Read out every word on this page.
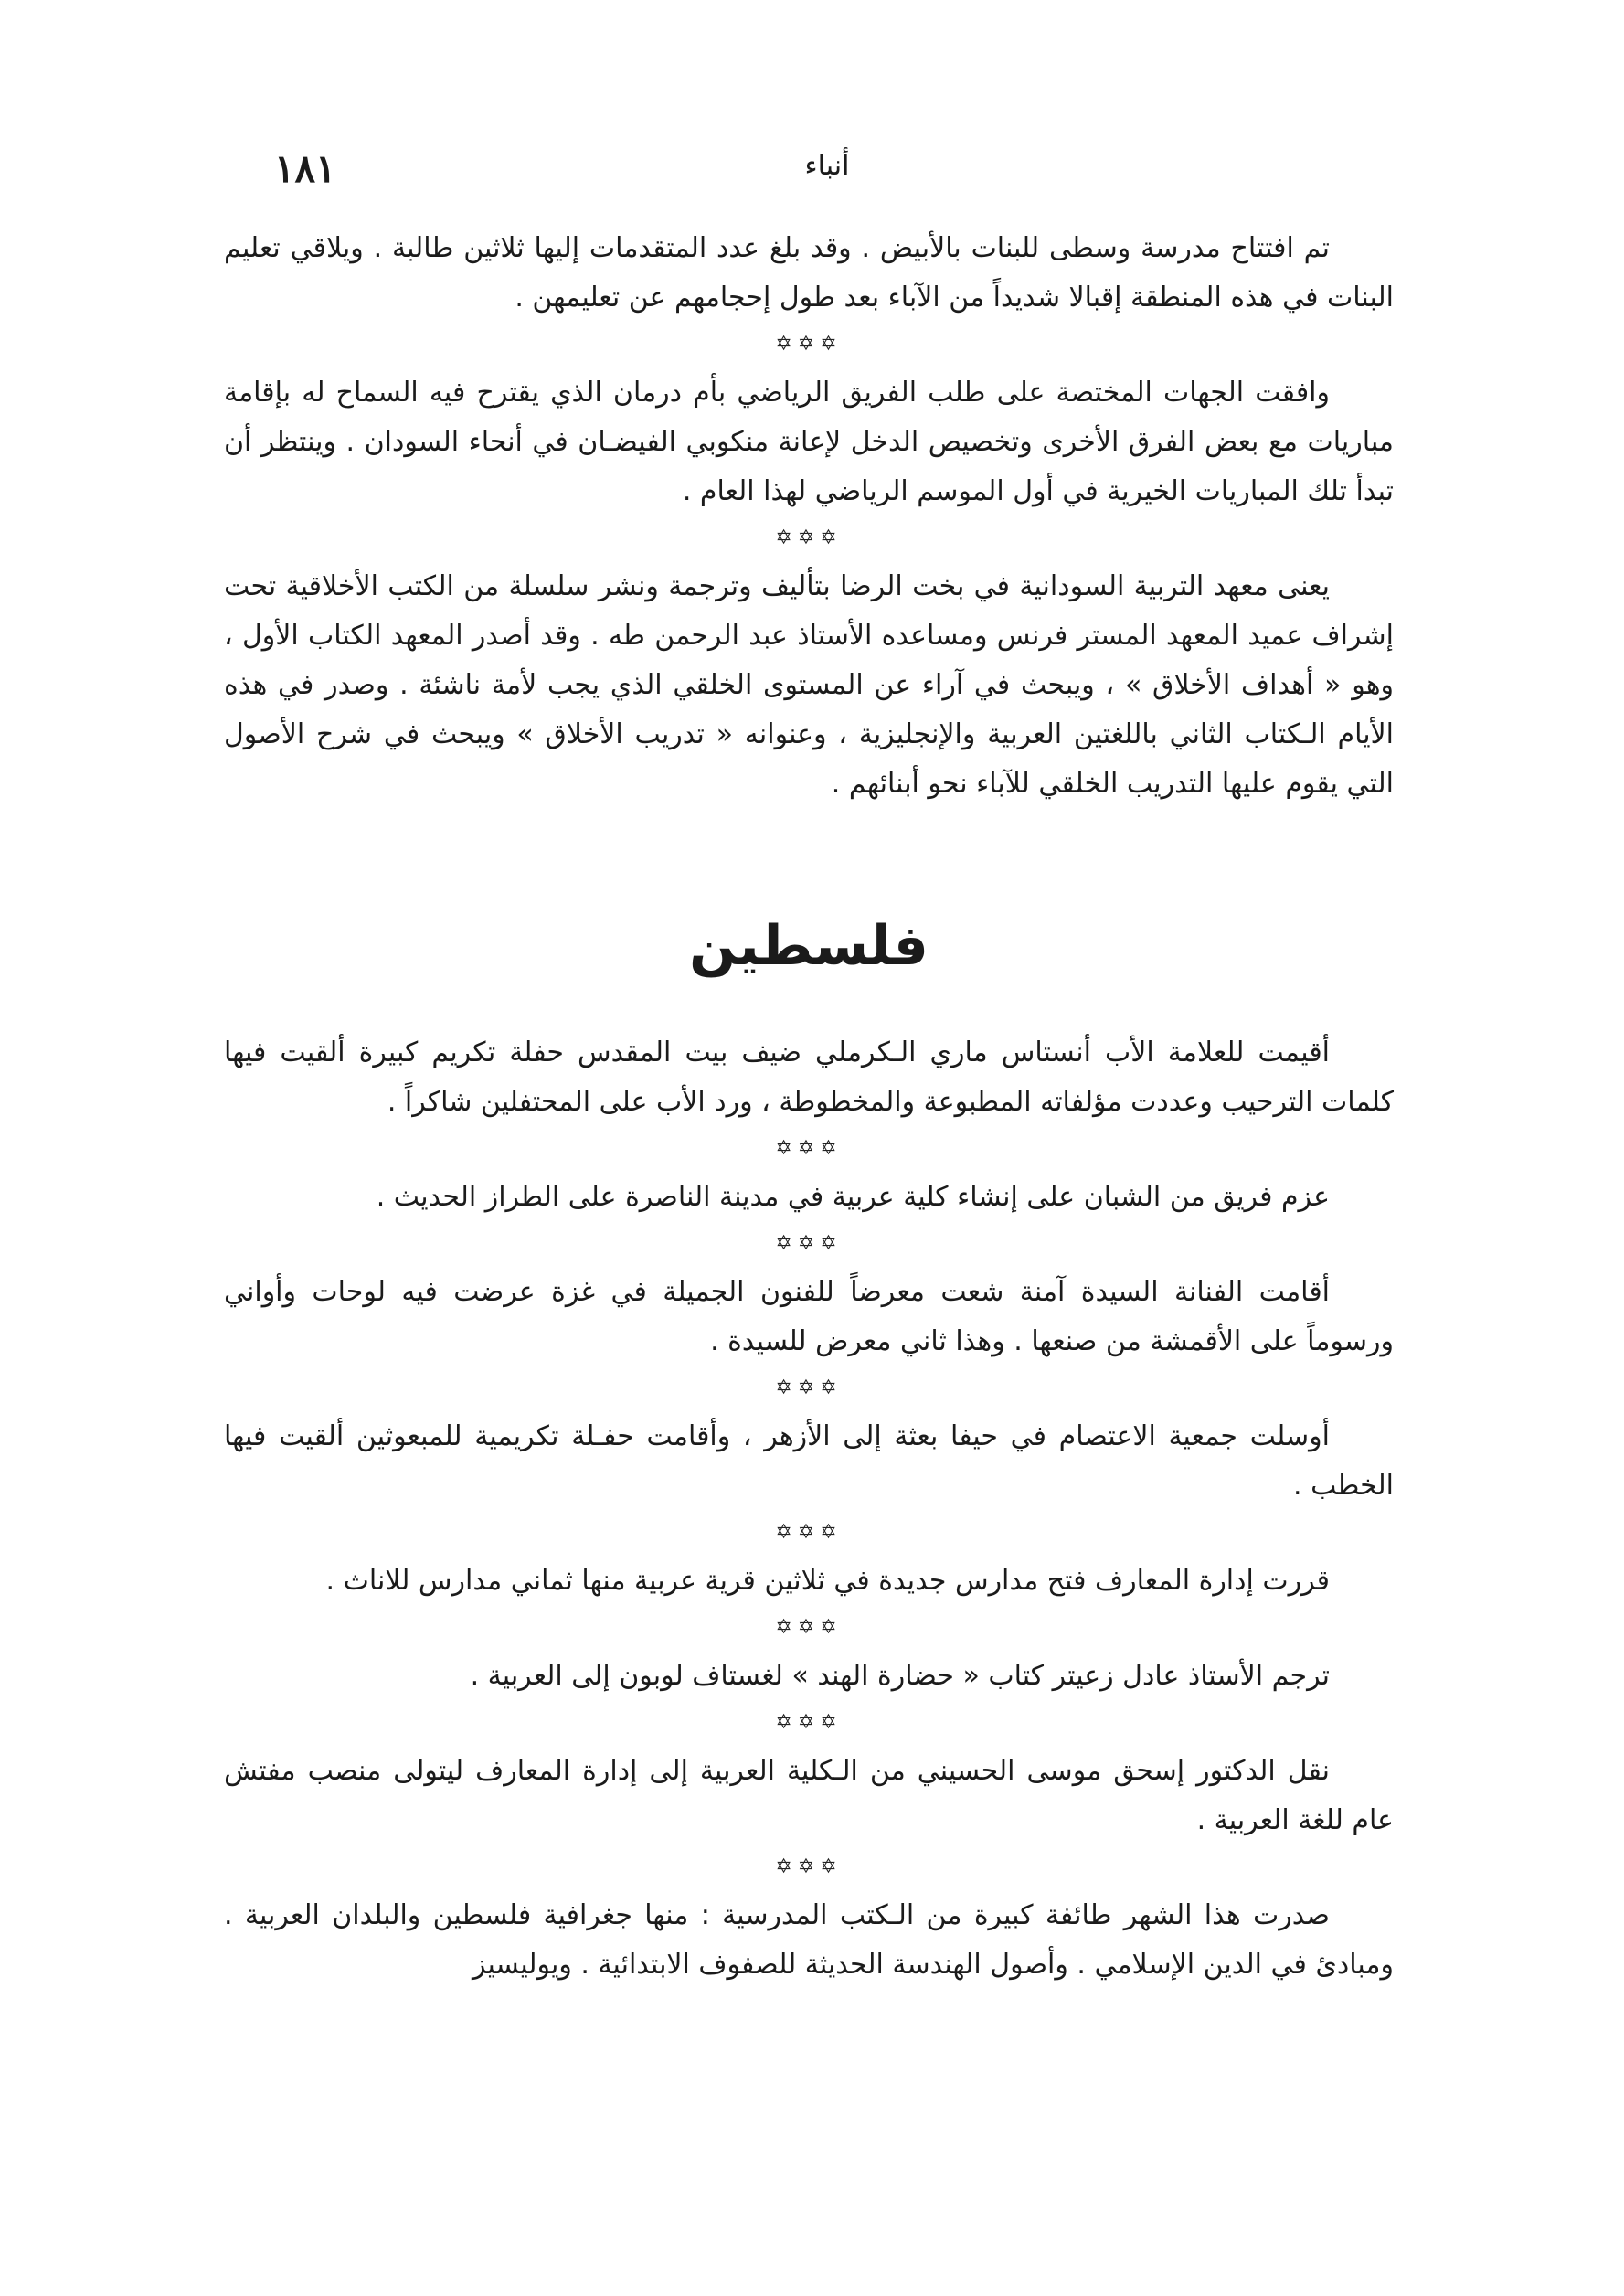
١٨١	أنباء

تم افتتاح مدرسة وسطى للبنات بالأبيض . وقد بلغ عدد المتقدمات إليها ثلاثين طالبة . ويلاقي تعليم البنات في هذه المنطقة إقبالا شديداً من الآباء بعد طول إحجامهم عن تعليمهن .

✡✡✡

وافقت الجهات المختصة على طلب الفريق الرياضي بأم درمان الذي يقترح فيه السماح له بإقامة مباريات مع بعض الفرق الأخرى وتخصيص الدخل لإعانة منكوبي الفيضـان في أنحاء السودان . وينتظر أن تبدأ تلك المباريات الخيرية في أول الموسم الرياضي لهذا العام .

✡✡✡

يعنى معهد التربية السودانية في بخت الرضا بتأليف وترجمة ونشر سلسلة من الكتب الأخلاقية تحت إشراف عميد المعهد المستر فرنس ومساعده الأستاذ عبد الرحمن طه . وقد أصدر المعهد الكتاب الأول ، وهو « أهداف الأخلاق » ، ويبحث في آراء عن المستوى الخلقي الذي يجب لأمة ناشئة . وصدر في هذه الأيام الـكتاب الثاني باللغتين العربية والإنجليزية ، وعنوانه « تدريب الأخلاق » ويبحث في شرح الأصول التي يقوم عليها التدريب الخلقي للآباء نحو أبنائهم .

فلسطين

أقيمت للعلامة الأب أنستاس ماري الـكرملي ضيف بيت المقدس حفلة تكريم كبيرة ألقيت فيها كلمات الترحيب وعددت مؤلفاته المطبوعة والمخطوطة ، ورد الأب على المحتفلين شاكراً .

✡✡✡

عزم فريق من الشبان على إنشاء كلية عربية في مدينة الناصرة على الطراز الحديث .

✡✡✡

أقامت الفنانة السيدة آمنة شعت معرضاً للفنون الجميلة في غزة عرضت فيه لوحات وأواني ورسوماً على الأقمشة من صنعها . وهذا ثاني معرض للسيدة .

✡✡✡

أوسلت جمعية الاعتصام في حيفا بعثة إلى الأزهر ، وأقامت حفـلة تكريمية للمبعوثين ألقيت فيها الخطب .

✡✡✡

قررت إدارة المعارف فتح مدارس جديدة في ثلاثين قرية عربية منها ثماني مدارس للاناث .

✡✡✡

ترجم الأستاذ عادل زعيتر كتاب « حضارة الهند » لغستاف لوبون إلى العربية .

✡✡✡

نقل الدكتور إسحق موسى الحسيني من الـكلية العربية إلى إدارة المعارف ليتولى منصب مفتش عام للغة العربية .

✡✡✡

صدرت هذا الشهر طائفة كبيرة من الـكتب المدرسية : منها جغرافية فلسطين والبلدان العربية . ومبادئ في الدين الإسلامي . وأصول الهندسة الحديثة للصفوف الابتدائية . ويوليسيز
